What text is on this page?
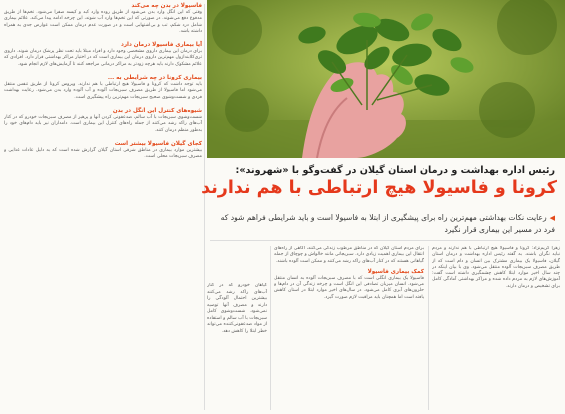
فاسیولا در بدن چه می‌کند

وقتی که این انگل وارد بدن می‌شود از طریق روده وارد کبد و کیسه صفرا می‌شود. تخم‌ها از طریق مدفوع دفع می‌شوند. در صورتی که این تخم‌ها وارد آب شوند، این چرخه ادامه پیدا می‌کند. علائم بیماری شامل درد شکم، تب و بی‌اشتهایی است و در صورت عدم درمان ممکن است عوارض جدی به همراه داشته باشد.

آیا بیماری فاسیولا درمان دارد

برای درمان این بیماری داروی مشخصی وجود دارد و افراد مبتلا باید تحت نظر پزشک درمان شوند. داروی تری‌کلابندازول مهم‌ترین داروی درمان این بیماری است که در اختیار مراکز بهداشتی قرار دارد. افرادی که علائم مشکوک دارند باید هرچه زودتر به مراکز درمانی مراجعه کنند تا آزمایش‌های لازم انجام شود.

بیماری کرونا در چه شرایطی به ...

باید توجه داشت که کرونا و فاسیولا هیچ ارتباطی با هم ندارند. ویروس کرونا از طریق تنفس منتقل می‌شود اما فاسیولا از طریق مصرف سبزیجات آلوده و آب آلوده وارد بدن می‌شود. رعایت بهداشت فردی و شست‌وشوی صحیح سبزیجات مهم‌ترین راه پیشگیری است.

شیوه‌های کنترل این انگل در بدن

شست‌وشوی سبزیجات با آب سالم، ضدعفونی کردن آنها و پرهیز از مصرف سبزیجات خودرو که در کنار آب‌های راکد رشد می‌کنند از جمله راه‌های کنترل این بیماری است. دامداران نیز باید دام‌های خود را به‌طور منظم درمان کنند.

کجای گیلان فاسیولا بیشتر است

بیشترین موارد بیماری در مناطق شرقی استان گیلان گزارش شده است که به دلیل عادات غذایی و مصرف سبزیجات محلی است.

رئیس اداره بهداشت و درمان استان گیلان در گفت‌وگو با «شهروند»:
کرونا و فاسیولا هیچ ارتباطی با هم ندارند
◀رعایت نکات بهداشتی مهم‌ترین راه برای پیشگیری از ابتلا به فاسیولا است و باید شرایطی فراهم شود که فرد در مسیر این بیماری قرار نگیرد

زهرا کریم‌نژاد: کرونا و فاسیولا هیچ ارتباطی با هم ندارند و مردم نباید نگران باشند. به گفته رئیس اداره بهداشت و درمان استان گیلان، فاسیولا یک بیماری مشترک بین انسان و دام است که از طریق مصرف سبزیجات آلوده منتقل می‌شود. وی با بیان اینکه در چند سال اخیر موارد ابتلا کاهش چشمگیری داشته است گفت: آموزش‌های لازم به مردم داده شده و مراکز بهداشتی آمادگی کامل برای تشخیص و درمان دارند.

برای مردم استان گیلان که در مناطق مرطوب زندگی می‌کنند، آگاهی از راه‌های انتقال این بیماری اهمیت زیادی دارد. سبزیجاتی مانند خالواش و چوچاق از جمله گیاهانی هستند که در کنار آب‌های راکد رشد می‌کنند و ممکن است آلوده باشند.

کمک بیماری فاسیولا

فاسیولا یک بیماری انگلی است که با مصرف سبزیجات آلوده به انسان منتقل می‌شود. انسان میزبان تصادفی این انگل است و چرخه زندگی آن در دام‌ها و حلزون‌های آبزی کامل می‌شود. در سال‌های اخیر موارد ابتلا در استان کاهش یافته است اما همچنان باید مراقبت لازم صورت گیرد.

گیاهان خودرو که در کنار آب‌های راکد رشد می‌کنند بیشترین احتمال آلودگی را دارند و مصرف آنها توصیه نمی‌شود. شست‌وشوی کامل سبزیجات با آب سالم و استفاده از مواد ضدعفونی‌کننده می‌تواند خطر ابتلا را کاهش دهد.
